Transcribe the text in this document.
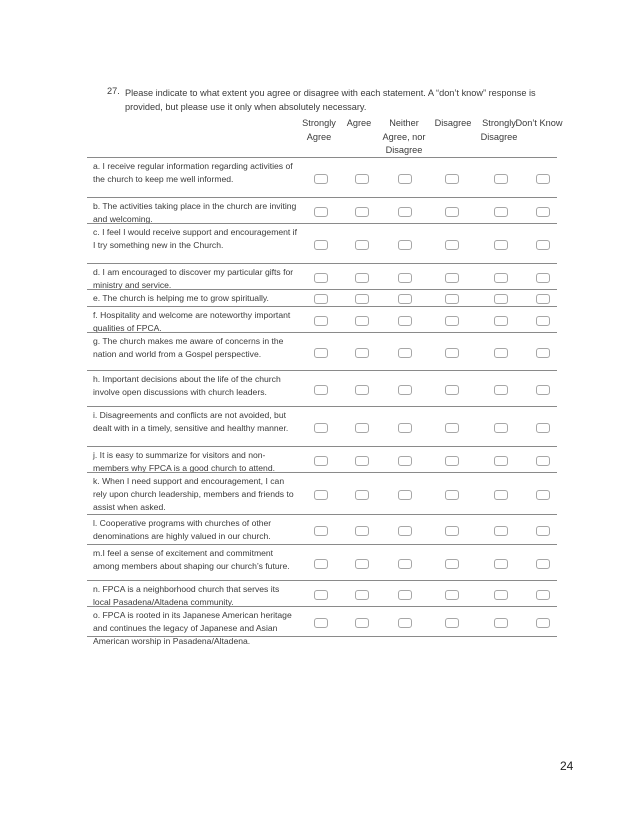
27. Please indicate to what extent you agree or disagree with each statement. A “don’t know” response is provided, but please use it only when absolutely necessary.
Strongly Agree
Agree	Neither Agree, nor Disagree
Disagree	Strongly Disagree
Don’t Know
a. I receive regular information regarding activities of the church to keep me well informed.
b. The activities taking place in the church are inviting and welcoming.
c. I feel I would receive support and encouragement if I try something new in the Church.
d. I am encouraged to discover my particular gifts for ministry and service.
e. The church is helping me to grow spiritually.
f. Hospitality and welcome are noteworthy important qualities of FPCA.
g. The church makes me aware of concerns in the nation and world from a Gospel perspective.
h. Important decisions about the life of the church involve open discussions with church leaders.
i. Disagreements and conflicts are not avoided, but dealt with in a timely, sensitive and healthy manner.
j. It is easy to summarize for visitors and non-members why FPCA is a good church to attend.
k. When I need support and encouragement, I can rely upon church leadership, members and friends to assist when asked.
l. Cooperative programs with churches of other denominations are highly valued in our church.
m.I feel a sense of excitement and commitment among members about shaping our church’s future.
n. FPCA is a neighborhood church that serves its local Pasadena/Altadena community.
o. FPCA is rooted in its Japanese American heritage and continues the legacy of Japanese and Asian American worship in Pasadena/Altadena.
24
